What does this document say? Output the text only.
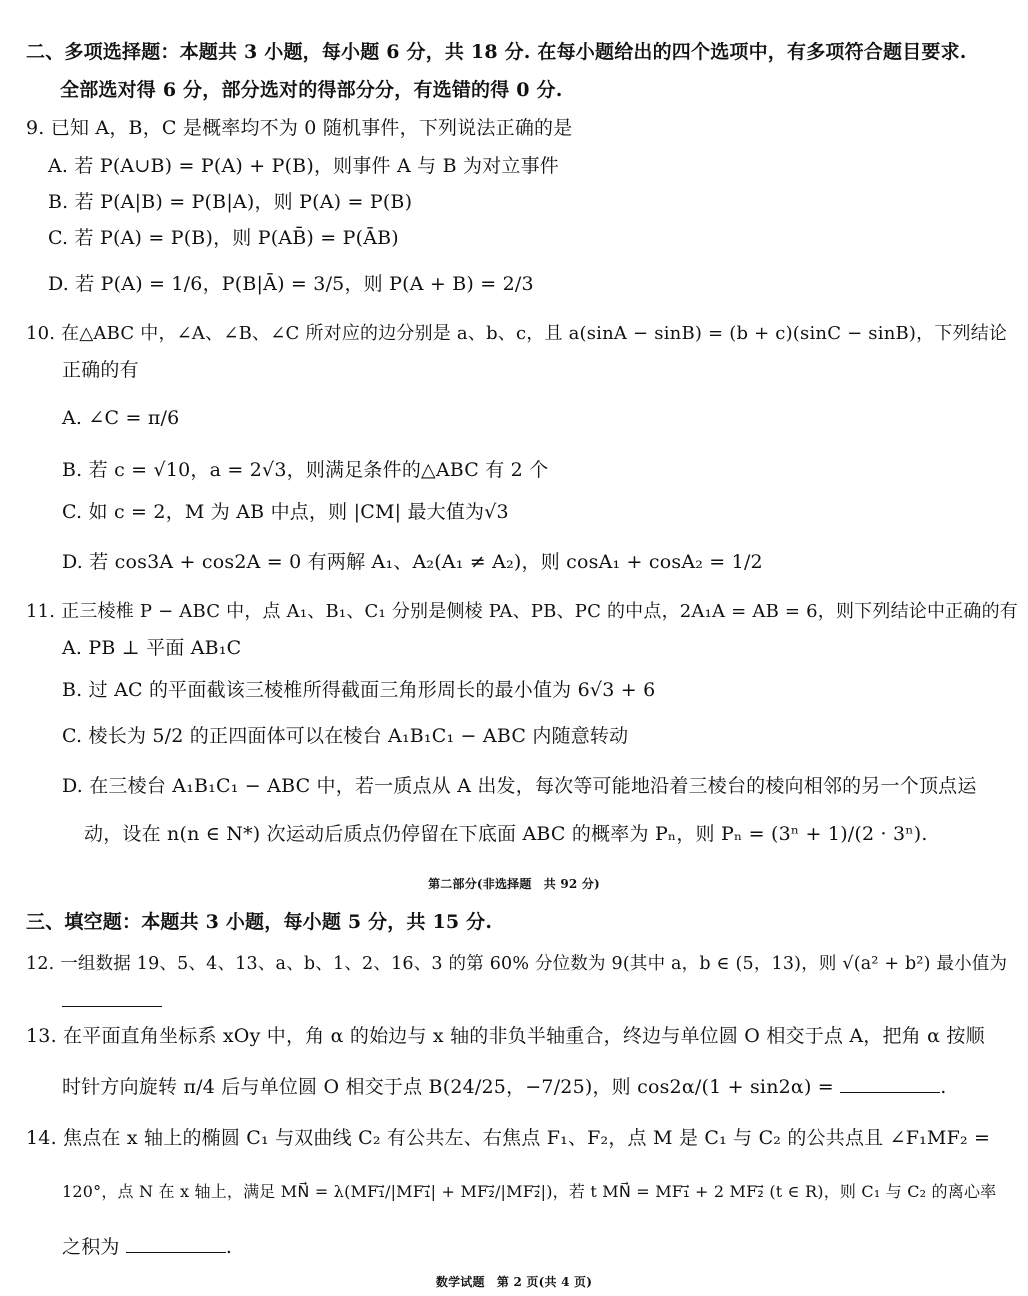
二、多项选择题：本题共 3 小题，每小题 6 分，共 18 分. 在每小题给出的四个选项中，有多项符合题目要求.
全部选对得 6 分，部分选对的得部分分，有选错的得 0 分.
9. 已知 A，B，C 是概率均不为 0 随机事件，下列说法正确的是
A. 若 P(A∪B) = P(A) + P(B)，则事件 A 与 B 为对立事件
B. 若 P(A|B) = P(B|A)，则 P(A) = P(B)
C. 若 P(A) = P(B)，则 P(AB̄) = P(ĀB)
D. 若 P(A) = 1/6，P(B|Ā) = 3/5，则 P(A + B) = 2/3
10. 在△ABC 中，∠A、∠B、∠C 所对应的边分别是 a、b、c，且 a(sinA − sinB) = (b + c)(sinC − sinB)，下列结论
正确的有
A. ∠C = π/6
B. 若 c = √10，a = 2√3，则满足条件的△ABC 有 2 个
C. 如 c = 2，M 为 AB 中点，则 |CM| 最大值为√3
D. 若 cos3A + cos2A = 0 有两解 A₁、A₂(A₁ ≠ A₂)，则 cosA₁ + cosA₂ = 1/2
11. 正三棱椎 P − ABC 中，点 A₁、B₁、C₁ 分别是侧棱 PA、PB、PC 的中点，2A₁A = AB = 6，则下列结论中正确的有
A. PB ⊥ 平面 AB₁C
B. 过 AC 的平面截该三棱椎所得截面三角形周长的最小值为 6√3 + 6
C. 棱长为 5/2 的正四面体可以在棱台 A₁B₁C₁ − ABC 内随意转动
D. 在三棱台 A₁B₁C₁ − ABC 中，若一质点从 A 出发，每次等可能地沿着三棱台的棱向相邻的另一个顶点运
动，设在 n(n ∈ N*) 次运动后质点仍停留在下底面 ABC 的概率为 Pₙ，则 Pₙ = (3ⁿ + 1)/(2 · 3ⁿ).
第二部分(非选择题　共 92 分)
三、填空题：本题共 3 小题，每小题 5 分，共 15 分.
12. 一组数据 19、5、4、13、a、b、1、2、16、3 的第 60% 分位数为 9(其中 a，b ∈ (5，13)，则 √(a² + b²) 最小值为
13. 在平面直角坐标系 xOy 中，角 α 的始边与 x 轴的非负半轴重合，终边与单位圆 O 相交于点 A，把角 α 按顺
时针方向旋转 π/4 后与单位圆 O 相交于点 B(24/25，−7/25)，则 cos2α/(1 + sin2α) =	.
14. 焦点在 x 轴上的椭圆 C₁ 与双曲线 C₂ 有公共左、右焦点 F₁、F₂，点 M 是 C₁ 与 C₂ 的公共点且 ∠F₁MF₂ =
120°，点 N 在 x 轴上，满足 MN⃗ = λ(MF₁⃗/|MF₁⃗| + MF₂⃗/|MF₂⃗|)，若 t MN⃗ = MF₁⃗ + 2 MF₂⃗ (t ∈ R)，则 C₁ 与 C₂ 的离心率
之积为	.
数学试题　第 2 页(共 4 页)
